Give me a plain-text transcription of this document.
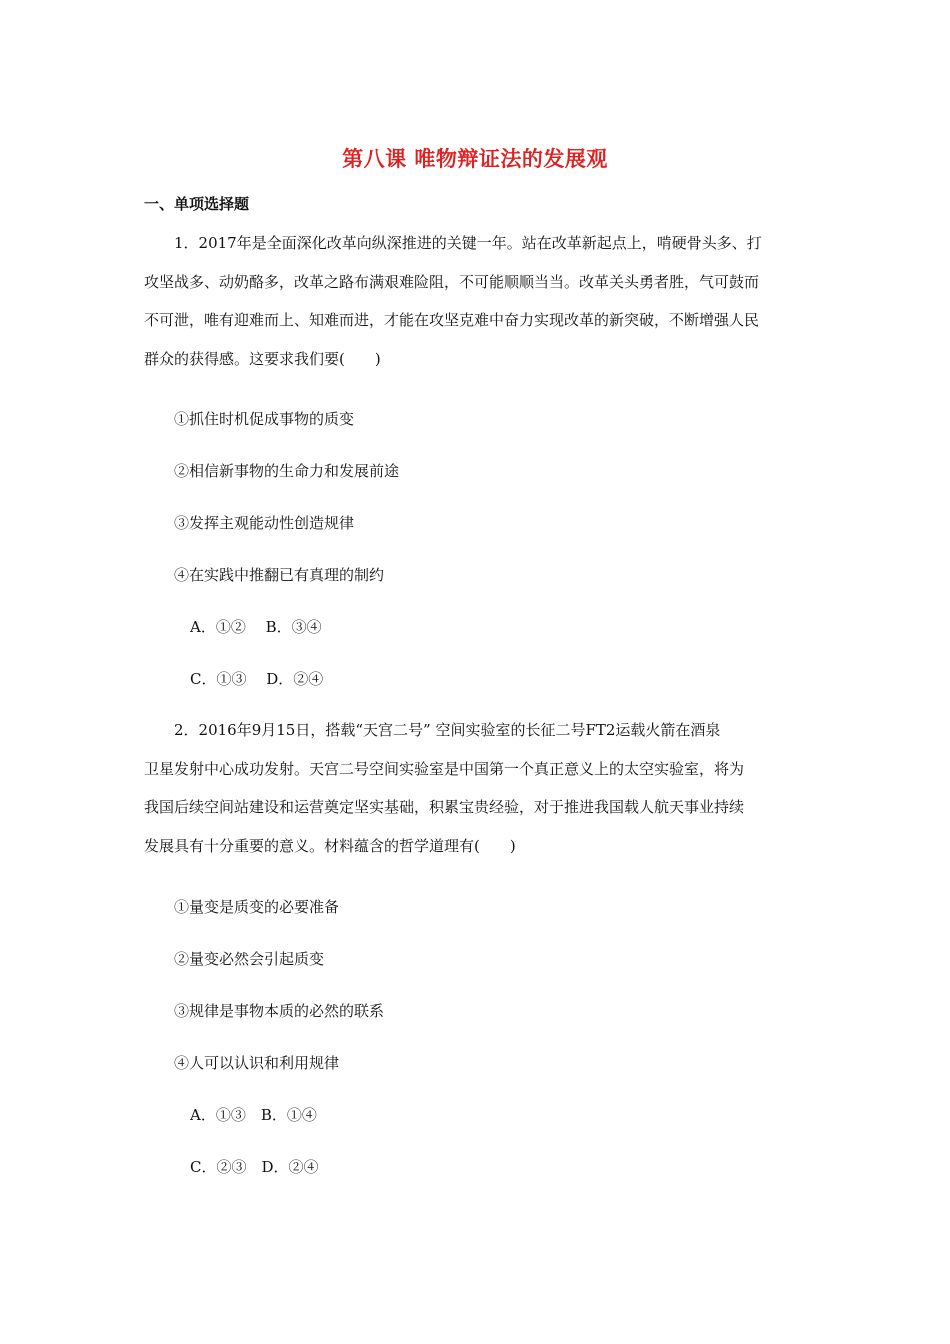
第八课 唯物辩证法的发展观
一、单项选择题
1．2017年是全面深化改革向纵深推进的关键一年。站在改革新起点上，啃硬骨头多、打
攻坚战多、动奶酪多，改革之路布满艰难险阻，不可能顺顺当当。改革关头勇者胜，气可鼓而
不可泄，唯有迎难而上、知难而进，才能在攻坚克难中奋力实现改革的新突破，不断增强人民
群众的获得感。这要求我们要(　　)
①抓住时机促成事物的质变
②相信新事物的生命力和发展前途
③发挥主观能动性创造规律
④在实践中推翻已有真理的制约
A．①②　 B．③④
C．①③　 D．②④
2．2016年9月15日，搭载“天宫二号” 空间实验室的长征二号FT2运载火箭在酒泉
卫星发射中心成功发射。天宫二号空间实验室是中国第一个真正意义上的太空实验室，将为
我国后续空间站建设和运营奠定坚实基础，积累宝贵经验，对于推进我国载人航天事业持续
发展具有十分重要的意义。材料蕴含的哲学道理有(　　)
①量变是质变的必要准备
②量变必然会引起质变
③规律是事物本质的必然的联系
④人可以认识和利用规律
A．①③　B．①④
C．②③　D．②④
